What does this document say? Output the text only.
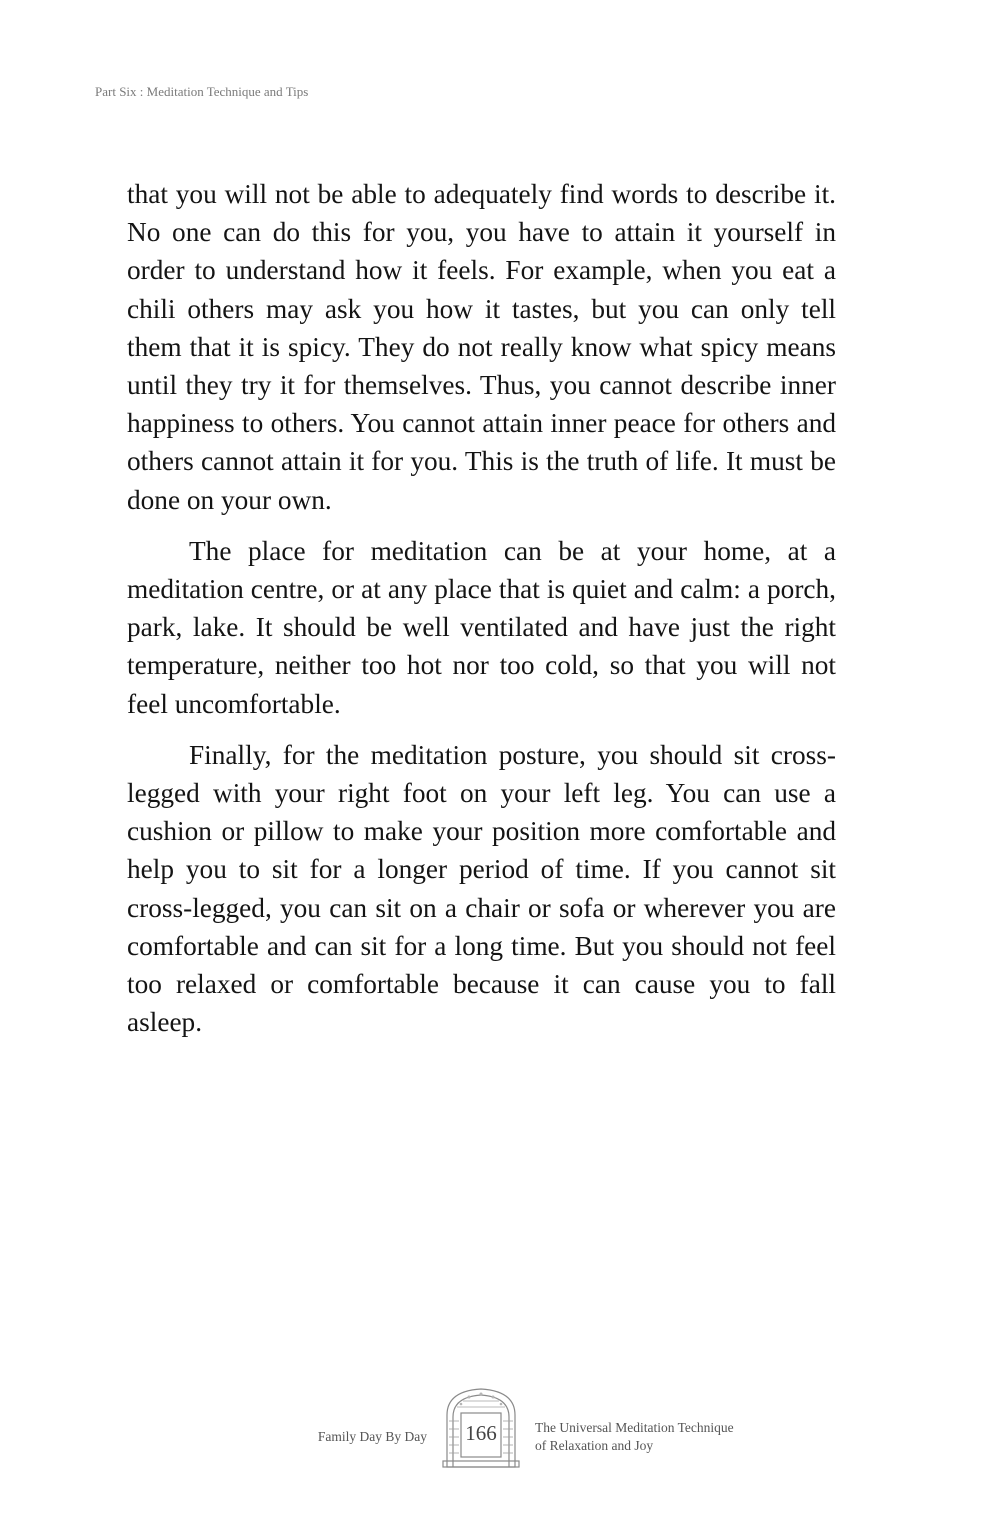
Part Six : Meditation Technique and Tips

that you will not be able to adequately find words to describe it. No one can do this for you, you have to attain it yourself in order to understand how it feels. For example, when you eat a chili others may ask you how it tastes, but you can only tell them that it is spicy. They do not really know what spicy means until they try it for themselves. Thus, you cannot describe inner happiness to others. You cannot attain inner peace for others and others cannot attain it for you. This is the truth of life. It must be done on your own.

The place for meditation can be at your home, at a meditation centre, or at any place that is quiet and calm: a porch, park, lake. It should be well ventilated and have just the right temperature, neither too hot nor too cold, so that you will not feel uncomfortable.

Finally, for the meditation posture, you should sit cross-legged with your right foot on your left leg. You can use a cushion or pillow to make your position more comfortable and help you to sit for a longer period of time. If you cannot sit cross-legged, you can sit on a chair or sofa or wherever you are comfortable and can sit for a long time. But you should not feel too relaxed or comfortable because it can cause you to fall asleep.

Family Day By Day	166	The Universal Meditation Technique
of Relaxation and Joy
